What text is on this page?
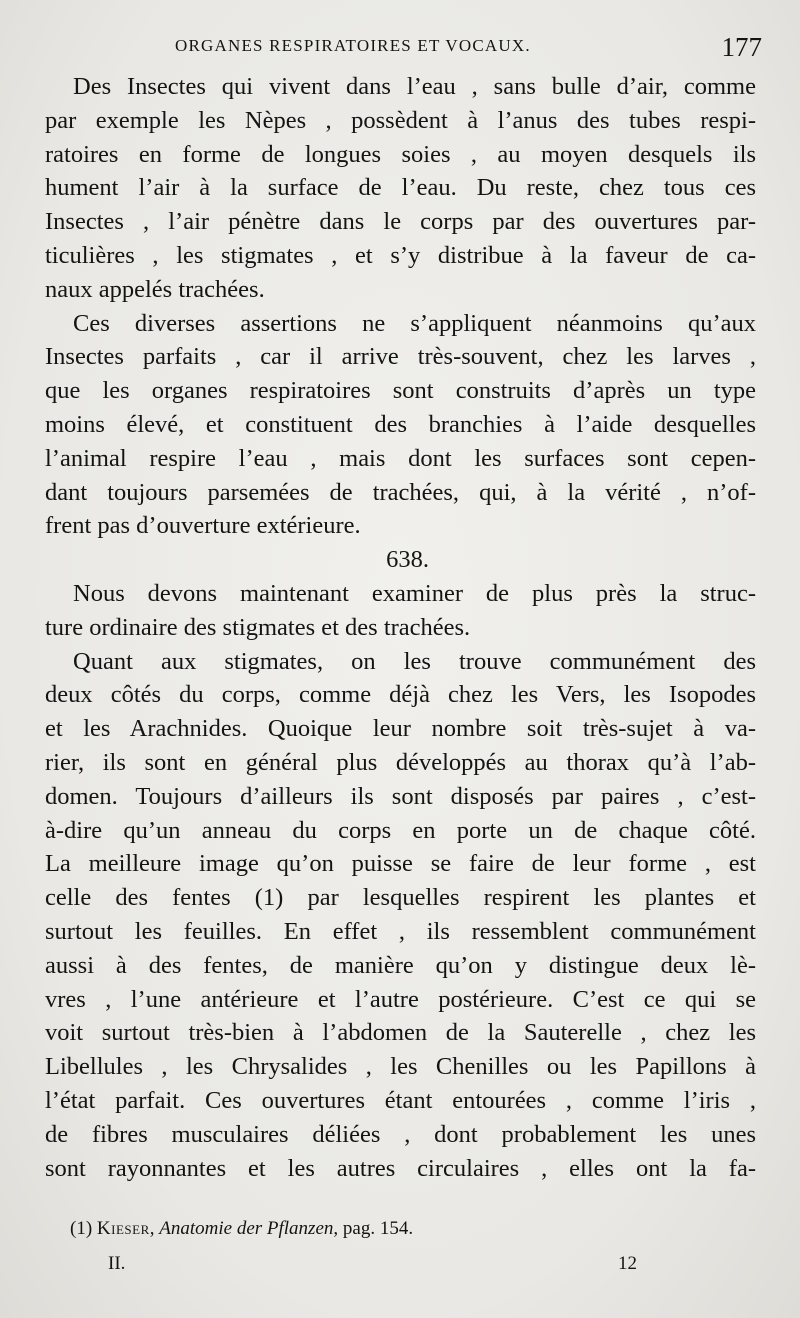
ORGANES RESPIRATOIRES ET VOCAUX.	177
Des Insectes qui vivent dans l’eau , sans bulle d’air, comme
par exemple les Nèpes , possèdent à l’anus des tubes respi-
ratoires en forme de longues soies , au moyen desquels ils
hument l’air à la surface de l’eau. Du reste, chez tous ces
Insectes , l’air pénètre dans le corps par des ouvertures par-
ticulières , les stigmates , et s’y distribue à la faveur de ca-
naux appelés trachées.
Ces diverses assertions ne s’appliquent néanmoins qu’aux
Insectes parfaits , car il arrive très-souvent, chez les larves ,
que les organes respiratoires sont construits d’après un type
moins élevé, et constituent des branchies à l’aide desquelles
l’animal respire l’eau , mais dont les surfaces sont cepen-
dant toujours parsemées de trachées, qui, à la vérité , n’of-
frent pas d’ouverture extérieure.
638.
Nous devons maintenant examiner de plus près la struc-
ture ordinaire des stigmates et des trachées.
Quant aux stigmates, on les trouve communément des
deux côtés du corps, comme déjà chez les Vers, les Isopodes
et les Arachnides. Quoique leur nombre soit très-sujet à va-
rier, ils sont en général plus développés au thorax qu’à l’ab-
domen. Toujours d’ailleurs ils sont disposés par paires , c’est-
à-dire qu’un anneau du corps en porte un de chaque côté.
La meilleure image qu’on puisse se faire de leur forme , est
celle des fentes (1) par lesquelles respirent les plantes et
surtout les feuilles. En effet , ils ressemblent communément
aussi à des fentes, de manière qu’on y distingue deux lè-
vres , l’une antérieure et l’autre postérieure. C’est ce qui se
voit surtout très-bien à l’abdomen de la Sauterelle , chez les
Libellules , les Chrysalides , les Chenilles ou les Papillons à
l’état parfait. Ces ouvertures étant entourées , comme l’iris ,
de fibres musculaires déliées , dont probablement les unes
sont rayonnantes et les autres circulaires , elles ont la fa-
(1) Kieser, Anatomie der Pflanzen, pag. 154.
II.	12
